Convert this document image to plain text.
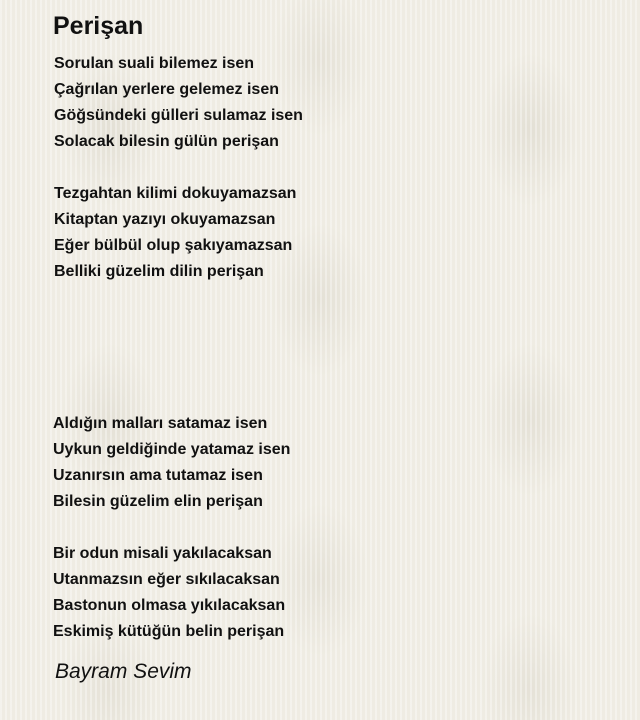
Perişan
Sorulan suali bilemez isen
Çağrılan yerlere gelemez isen
Göğsündeki gülleri sulamaz isen
Solacak bilesin gülün perişan
Tezgahtan kilimi dokuyamazsan
Kitaptan yazıyı okuyamazsan
Eğer bülbül olup şakıyamazsan
Belliki güzelim dilin perişan
Aldığın malları satamaz isen
Uykun geldiğinde yatamaz isen
Uzanırsın ama tutamaz isen
Bilesin güzelim elin perişan
Bir odun misali yakılacaksan
Utanmazsın eğer sıkılacaksan
Bastonun olmasa yıkılacaksan
Eskimiş kütüğün belin perişan

Bayram Sevim
